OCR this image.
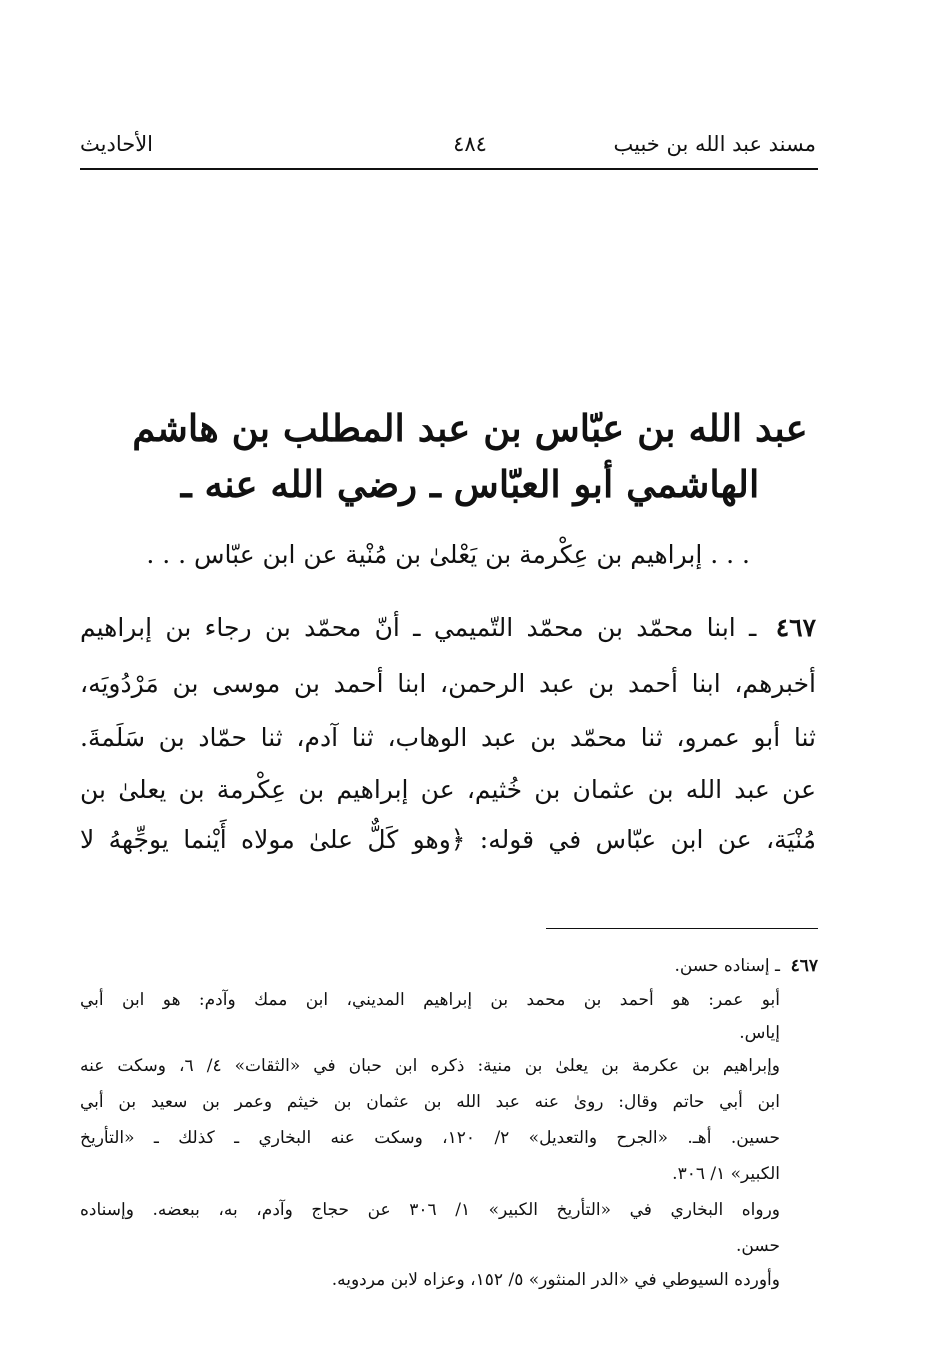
مسند عبد الله بن خبيب
٤٨٤
الأحاديث
عبد الله بن عبّاس بن عبد المطلب بن هاشم
الهاشمي أبو العبّاس ـ رضي الله عنه ـ
. . . إبراهيم بن عِكْرمة بن يَعْلىٰ بن مُنْية عن ابن عبّاس . . .
٤٦٧ ـ ابنا محمّد بن محمّد التّميمي ـ أنّ محمّد بن رجاء بن إبراهيم
أخبرهم، ابنا أحمد بن عبد الرحمن، ابنا أحمد بن موسى بن مَرْدُويَه،
ثنا أبو عمرو، ثنا محمّد بن عبد الوهاب، ثنا آدم، ثنا حمّاد بن سَلَمةَ.
عن عبد الله بن عثمان بن خُثيم، عن إبراهيم بن عِكْرمة بن يعلىٰ بن
مُنْيَة، عن ابن عبّاس في قوله: ﴿وهو كَلٌّ علىٰ مولاه أَيْنما يوجِّههُ لا
٤٦٧
ـ إسناده حسن.
أبو عمر: هو أحمد بن محمد بن إبراهيم المديني، ابن ممك وآدم: هو ابن أبي
إياس.
وإبراهيم بن عكرمة بن يعلىٰ بن منية: ذكره ابن حبان في «الثقات» ٤/ ٦، وسكت عنه
ابن أبي حاتم وقال: روىٰ عنه عبد الله بن عثمان بن خيثم وعمر بن سعيد بن أبي
حسين. أهـ. «الجرح والتعديل» ٢/ ١٢٠، وسكت عنه البخاري ـ كذلك ـ «التأريخ
الكبير» ١/ ٣٠٦.
ورواه البخاري في «التأريخ الكبير» ١/ ٣٠٦ عن حجاج وآدم، به، ببعضه. وإسناده
حسن.
وأورده السيوطي في «الدر المنثور» ٥/ ١٥٢، وعزاه لابن مردويه.
